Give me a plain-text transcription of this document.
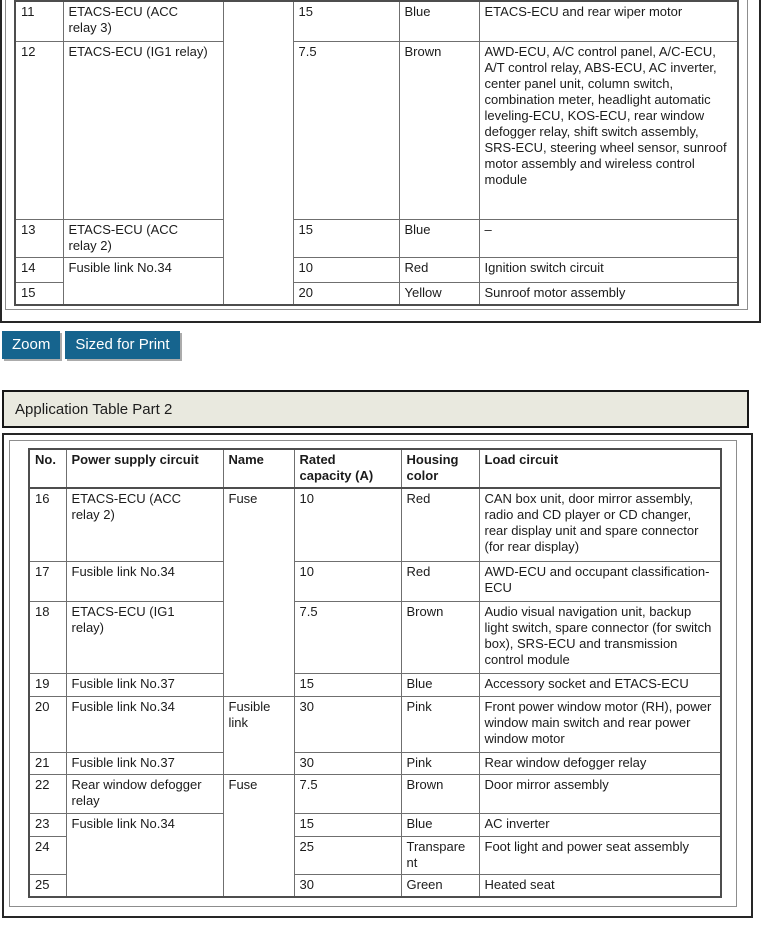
11	ETACS-ECU (ACC relay 3)		15	Blue	ETACS-ECU and rear wiper motor
12	ETACS-ECU (IG1 relay)		7.5	Brown	AWD-ECU, A/C control panel, A/C-ECU, A/T control relay, ABS-ECU, AC inverter, center panel unit, column switch, combination meter, headlight automatic leveling-ECU, KOS-ECU, rear window defogger relay, shift switch assembly, SRS-ECU, steering wheel sensor, sunroof motor assembly and wireless control module
13	ETACS-ECU (ACC relay 2)		15	Blue	–
14	Fusible link No.34		10	Red	Ignition switch circuit
15			20	Yellow	Sunroof motor assembly
Zoom	Sized for Print
Application Table Part 2
No.	Power supply circuit	Name	Rated capacity (A)	Housing color	Load circuit
16	ETACS-ECU (ACC relay 2)	Fuse	10	Red	CAN box unit, door mirror assembly, radio and CD player or CD changer, rear display unit and spare connector (for rear display)
17	Fusible link No.34		10	Red	AWD-ECU and occupant classification-ECU
18	ETACS-ECU (IG1 relay)		7.5	Brown	Audio visual navigation unit, backup light switch, spare connector (for switch box), SRS-ECU and transmission control module
19	Fusible link No.37		15	Blue	Accessory socket and ETACS-ECU
20	Fusible link No.34	Fusible link	30	Pink	Front power window motor (RH), power window main switch and rear power window motor
21	Fusible link No.37		30	Pink	Rear window defogger relay
22	Rear window defogger relay	Fuse	7.5	Brown	Door mirror assembly
23	Fusible link No.34		15	Blue	AC inverter
24			25	Transparent	Foot light and power seat assembly
25			30	Green	Heated seat
